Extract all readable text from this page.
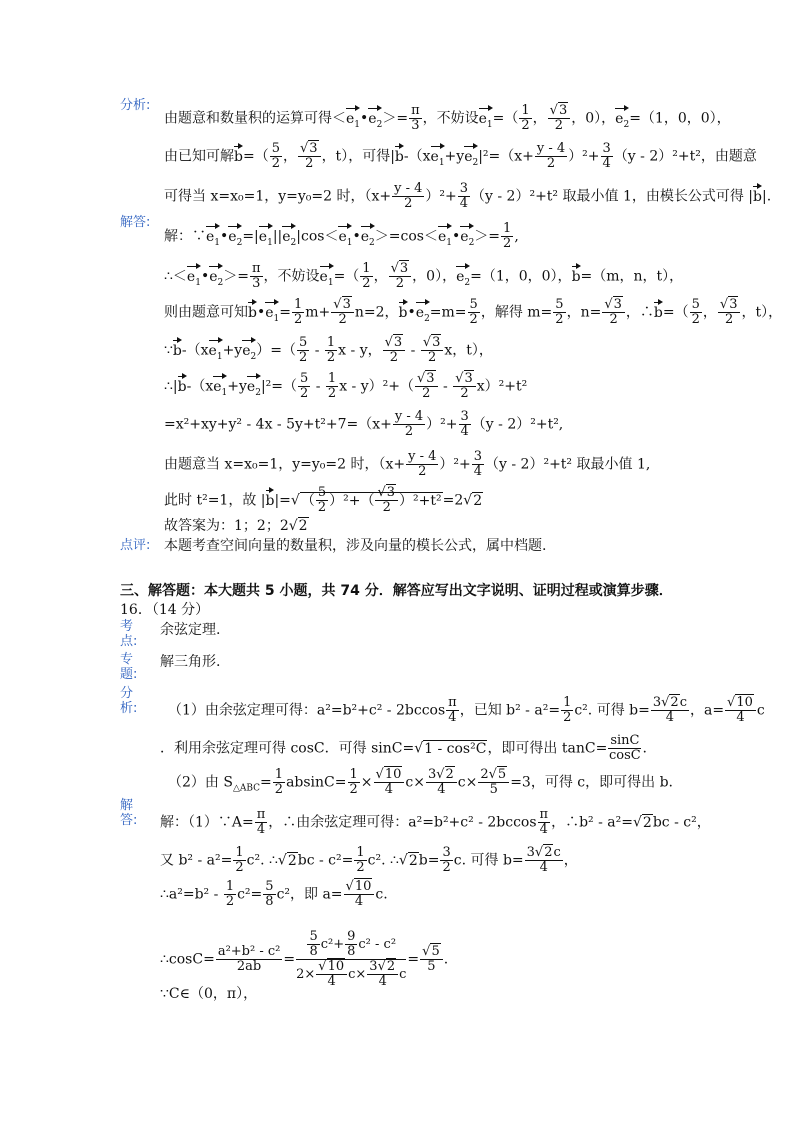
分析:
由题意和数量积的运算可得$<e_1•e_2>= \frac{\pi}{3}$ ，不妨设$e_1=( \frac{1}{2}$ ， $\frac{√3}{2}$ ，0），$e_2=(1$，0，0），
由已知可解$b=( \frac{5}{2}$ ， $\frac{√3}{2}$ ，t），可得$|b-(xe_1+ye_2|^2=(x+ \frac{y - 4}{2} )^2+ \frac{3}{4} (y - 2)^2+t^2$，由题意
可得当 x=x₀=1，y=y₀=2 时，$(x+ \frac{y - 4}{2} )^2+ \frac{3}{4} (y - 2)^2+t^2$ 取最小值 1，由模长公式可得 |b|.
解答:
解：$\because e_1•e_2=|e_1||e_2|\cos<e_1•e_2>=\cos<e_1•e_2>= \frac{1}{2}$ ,
$\therefore<e_1•e_2>= \frac{\pi}{3}$ ，不妨设$e_1=( \frac{1}{2}$ ， $\frac{√3}{2}$ ，0），$e_2=(1$，0，0），b=（m，n，t），
则由题意可知$b•e_1= \frac{1}{2} m+ \frac{√3}{2} n=2$，$b•e_2=m= \frac{5}{2}$ ，解得 $m= \frac{5}{2}$ ，$n= \frac{√3}{2}$ ，∴b=（ $\frac{5}{2}$ ， $\frac{√3}{2}$ ，t），
$\because b-(xe_1+ye_2)=( \frac{5}{2} - \frac{1}{2}$ x - y， $\frac{√3}{2} - \frac{√3}{2}$ x，t），
$\therefore|b-(xe_1+ye_2|^2=( \frac{5}{2} - \frac{1}{2}$ $x - y)^2+( \frac{√3}{2} - \frac{√3}{2} x)^2+t^2$
$=x^2+xy+y^2 - 4x - 5y+t^2+7=(x+ \frac{y - 4}{2} )^2+ \frac{3}{4} (y - 2)^2+t^2$,
由题意当 x=x₀=1，y=y₀=2 时，$(x+ \frac{y - 4}{2} )^2+ \frac{3}{4} (y - 2)^2+t^2$ 取最小值 1,
此时 t²=1，故 $|b|=√( \frac{5}{2} )^2+( \frac{√3}{2} )^2+t^2=2√2$
故答案为：1；2；2√2
点评: 本题考查空间向量的数量积，涉及向量的模长公式，属中档题.
三、解答题：本大题共 5 小题，共 74 分．解答应写出文字说明、证明过程或演算步骤．
16．（14 分）
考
点:
余弦定理.
专
题:
解三角形.
分
析: （1）由余弦定理可得：$a^2=b^2+c^2 - 2bccos \frac{\pi}{4}$ ，已知 $b^2 - a^2= \frac{1}{2} c^2$. 可得 $b= \frac{3√2c}{4}$ ，$a= \frac{√10}{4}$ c
．利用余弦定理可得 cosC．可得 sinC=√1 - cos²C，即可得出 $\tan C= \frac{\sin C}{\cos C}$ .
（2）由 $S_{\triangle ABC}= \frac{1}{2} absinC= \frac{1}{2} \times \frac{√10}{4} c\times \frac{3√2}{4} c\times \frac{2√5}{5} =3$，可得 c，即可得出 b.
解
答: 解：（1）∵A= $\frac{\pi}{4}$ ，∴由余弦定理可得：$a^2=b^2+c^2 - 2bccos \frac{\pi}{4}$ ，∴b² - a²=√2bc - c²，
又 $b^2 - a^2= \frac{1}{2} c^2$. ∴√2bc - $c^2= \frac{1}{2} c^2$. ∴√2b= $\frac{3}{2} c$. 可得 $b= \frac{3√2c}{4}$ ，
∴a²=b² - $\frac{1}{2} c^2= \frac{5}{8} c^2$，即 $a= \frac{√10}{4} c$.
∴cosC= $\frac{\text{a²+b² - c²}}{2ab} = \frac{\frac{5}{8} c^2+ \frac{9}{8} c^2 - c^2}{2\times \frac{√10}{4} c\times \frac{3√2}{4} c} = \frac{√5}{5}$ .
∵C∈（0，π），
